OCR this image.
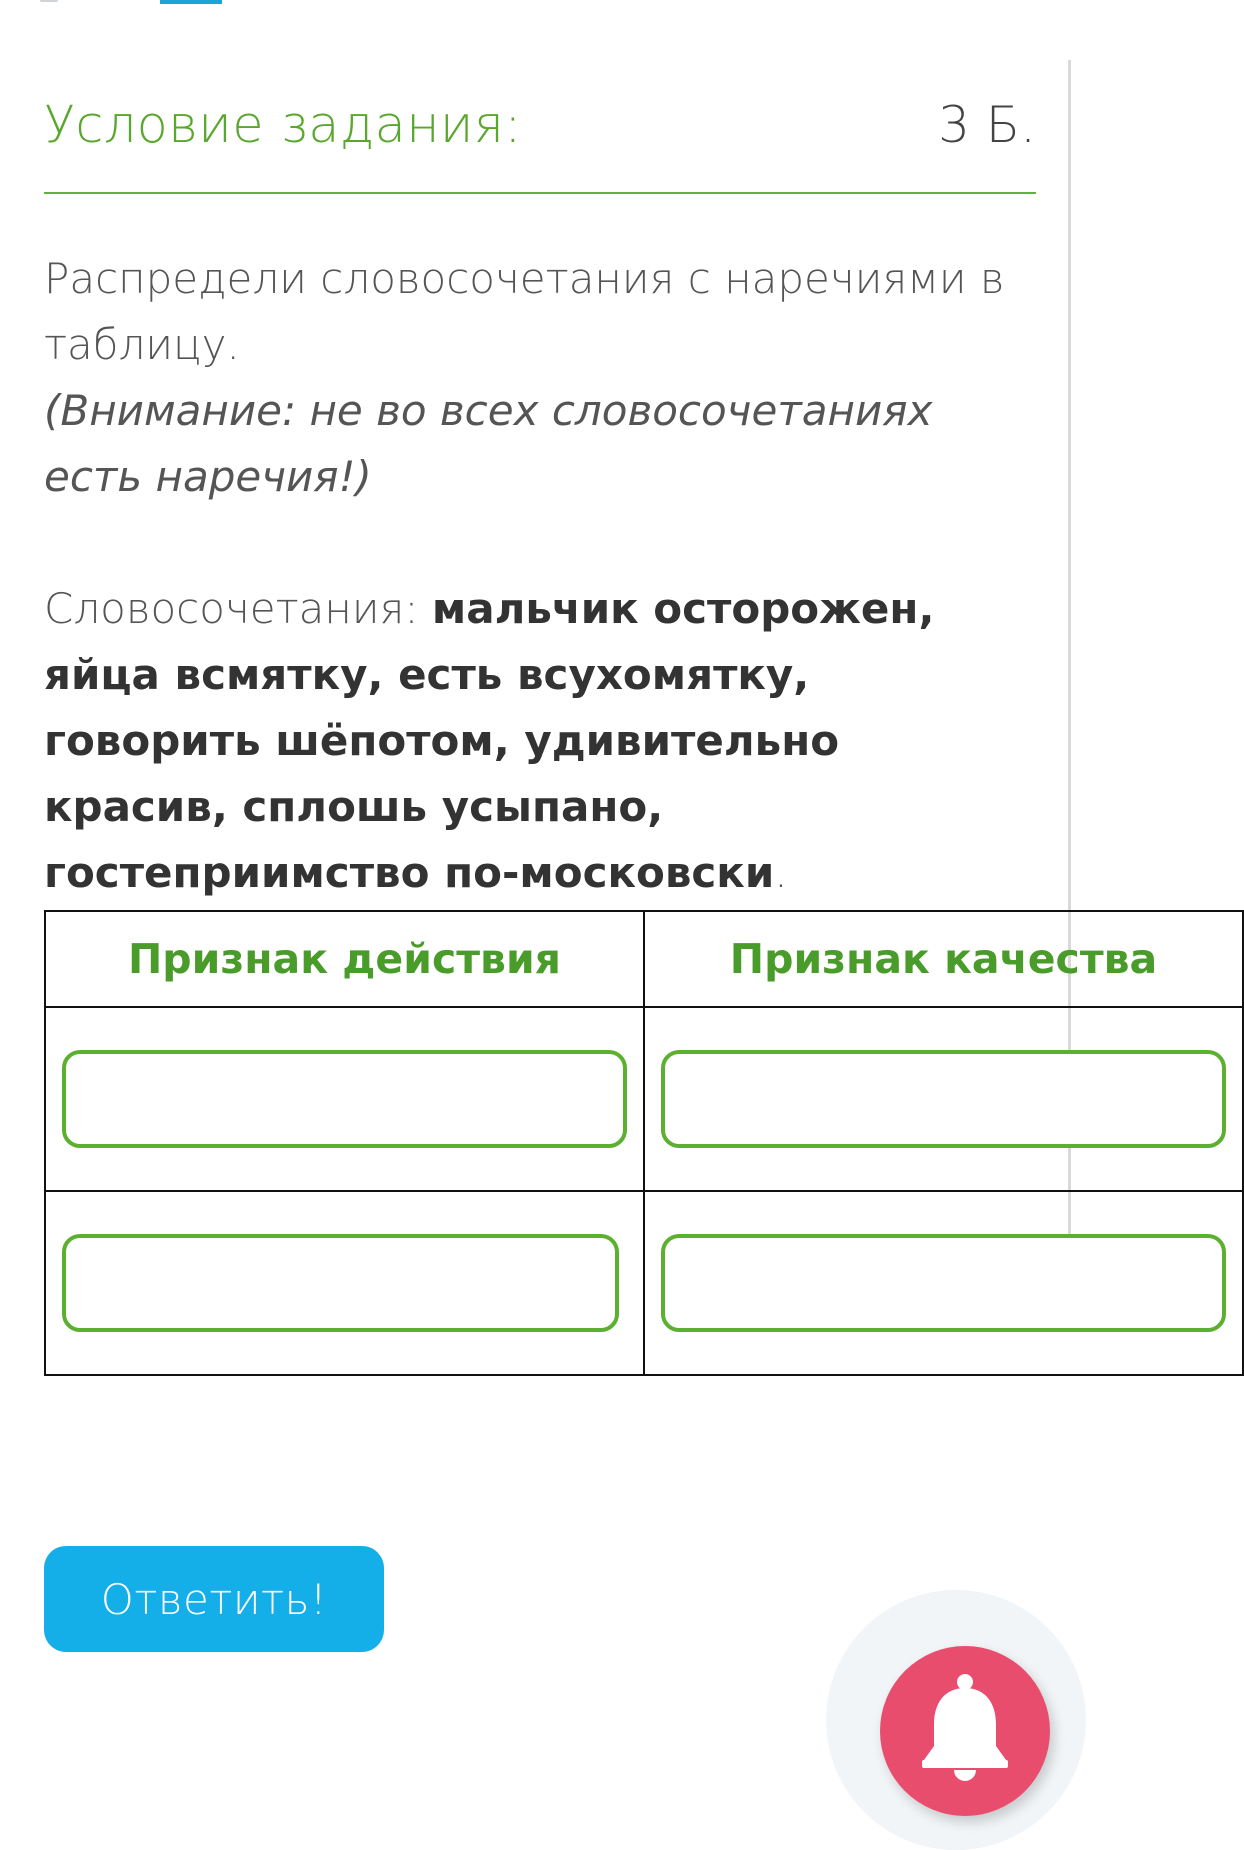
Условие задания:	3 Б.
Распредели словосочетания с наречиями в таблицу.
(Внимание: не во всех словосочетаниях есть наречия!)
Словосочетания: мальчик осторожен, яйца всмятку, есть всухомятку, говорить шёпотом, удивительно красив, сплошь усыпано, гостеприимство по-московски.
Признак действия	Признак качества

Ответить!
